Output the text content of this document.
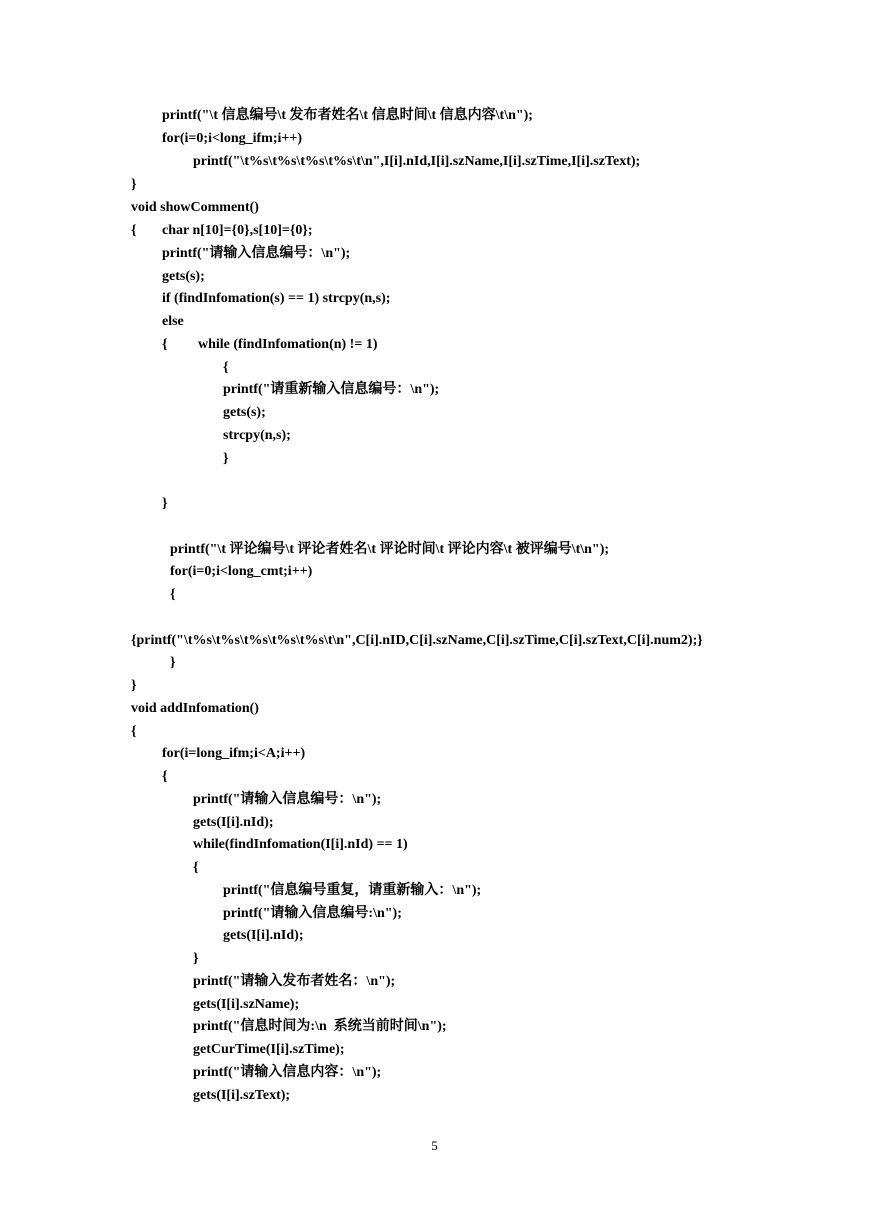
printf("\t 信息编号\t 发布者姓名\t 信息时间\t 信息内容\t\n");
for(i=0;i<long_ifm;i++)
printf("\t%s\t%s\t%s\t%s\t\n",I[i].nId,I[i].szName,I[i].szTime,I[i].szText);
}
void showComment()
{ char n[10]={0},s[10]={0};
printf("请输入信息编号：\n");
gets(s);
if (findInfomation(s) == 1) strcpy(n,s);
else
{ while (findInfomation(n) != 1)
{
printf("请重新输入信息编号：\n");
gets(s);
strcpy(n,s);
}
}
printf("\t 评论编号\t 评论者姓名\t 评论时间\t 评论内容\t 被评编号\t\n");
for(i=0;i<long_cmt;i++)
{
{printf("\t%s\t%s\t%s\t%s\t%s\t\n",C[i].nID,C[i].szName,C[i].szTime,C[i].szText,C[i].num2);}
}
}
void addInfomation()
{
for(i=long_ifm;i<A;i++)
{
printf("请输入信息编号：\n");
gets(I[i].nId);
while(findInfomation(I[i].nId) == 1)
{
printf("信息编号重复，请重新输入：\n");
printf("请输入信息编号:\n");
gets(I[i].nId);
}
printf("请输入发布者姓名：\n");
gets(I[i].szName);
printf("信息时间为:\n  系统当前时间\n");
getCurTime(I[i].szTime);
printf("请输入信息内容：\n");
gets(I[i].szText);
5
